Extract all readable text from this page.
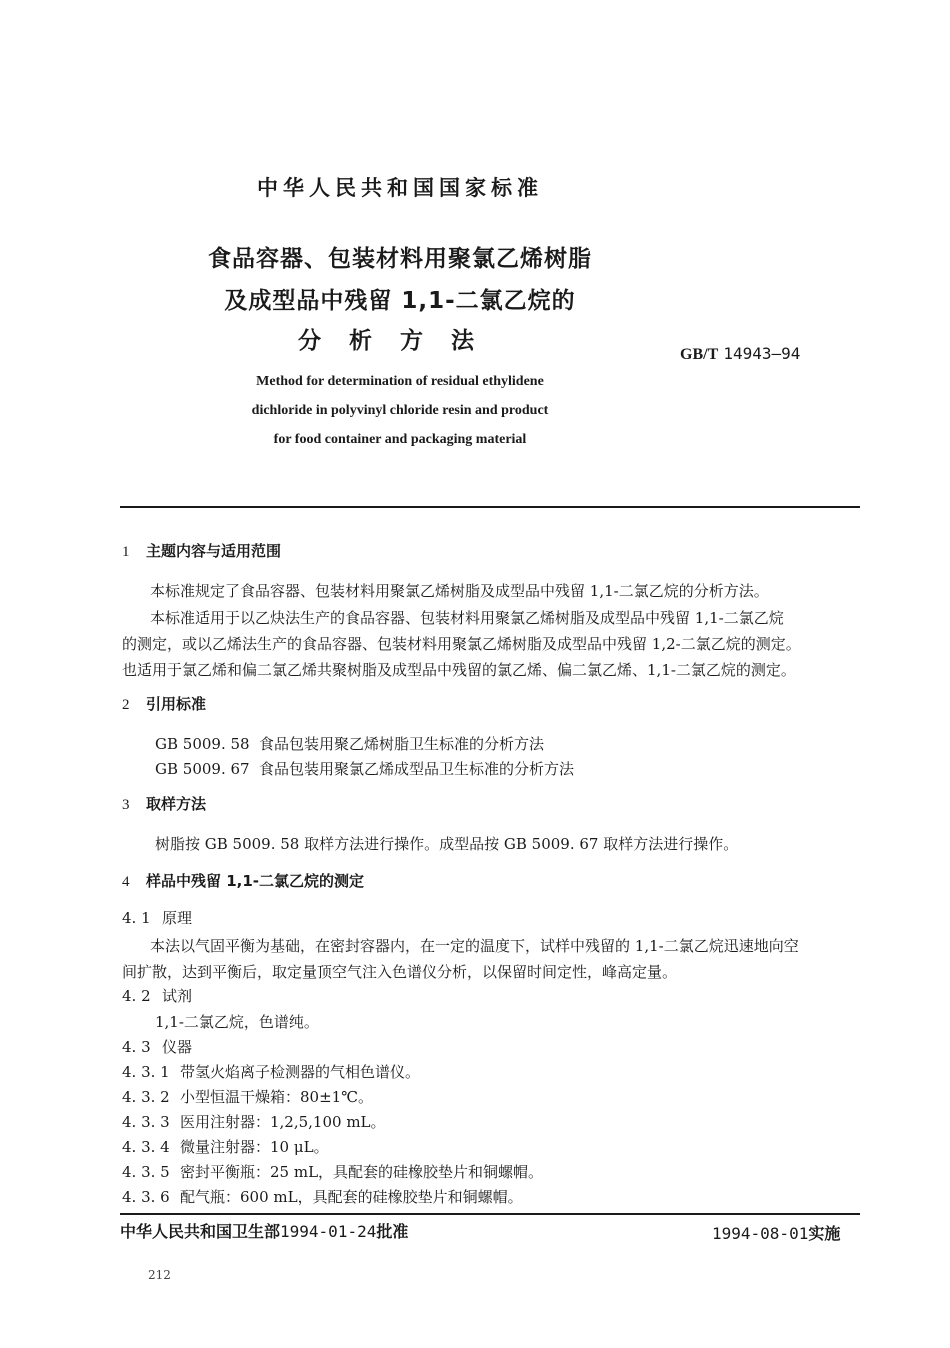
中华人民共和国国家标准
食品容器、包装材料用聚氯乙烯树脂
及成型品中残留 1,1-二氯乙烷的
分析方法
GB/T 14943—94
Method for determination of residual ethylidene
dichloride in polyvinyl chloride resin and product
for food container and packaging material
1 主题内容与适用范围
本标准规定了食品容器、包装材料用聚氯乙烯树脂及成型品中残留 1,1-二氯乙烷的分析方法。
本标准适用于以乙炔法生产的食品容器、包装材料用聚氯乙烯树脂及成型品中残留 1,1-二氯乙烷
的测定，或以乙烯法生产的食品容器、包装材料用聚氯乙烯树脂及成型品中残留 1,2-二氯乙烷的测定。
也适用于氯乙烯和偏二氯乙烯共聚树脂及成型品中残留的氯乙烯、偏二氯乙烯、1,1-二氯乙烷的测定。
2 引用标准
GB 5009. 58 食品包装用聚乙烯树脂卫生标准的分析方法
GB 5009. 67 食品包装用聚氯乙烯成型品卫生标准的分析方法
3 取样方法
树脂按 GB 5009. 58 取样方法进行操作。成型品按 GB 5009. 67 取样方法进行操作。
4 样品中残留 1,1-二氯乙烷的测定
4. 1 原理
本法以气固平衡为基础，在密封容器内，在一定的温度下，试样中残留的 1,1-二氯乙烷迅速地向空
间扩散，达到平衡后，取定量顶空气注入色谱仪分析，以保留时间定性，峰高定量。
4. 2 试剂
1,1-二氯乙烷，色谱纯。
4. 3 仪器
4. 3. 1 带氢火焰离子检测器的气相色谱仪。
4. 3. 2 小型恒温干燥箱：80±1℃。
4. 3. 3 医用注射器：1,2,5,100 mL。
4. 3. 4 微量注射器：10 μL。
4. 3. 5 密封平衡瓶：25 mL，具配套的硅橡胶垫片和铜螺帽。
4. 3. 6 配气瓶：600 mL，具配套的硅橡胶垫片和铜螺帽。
中华人民共和国卫生部1994-01-24批准	1994-08-01实施
212
